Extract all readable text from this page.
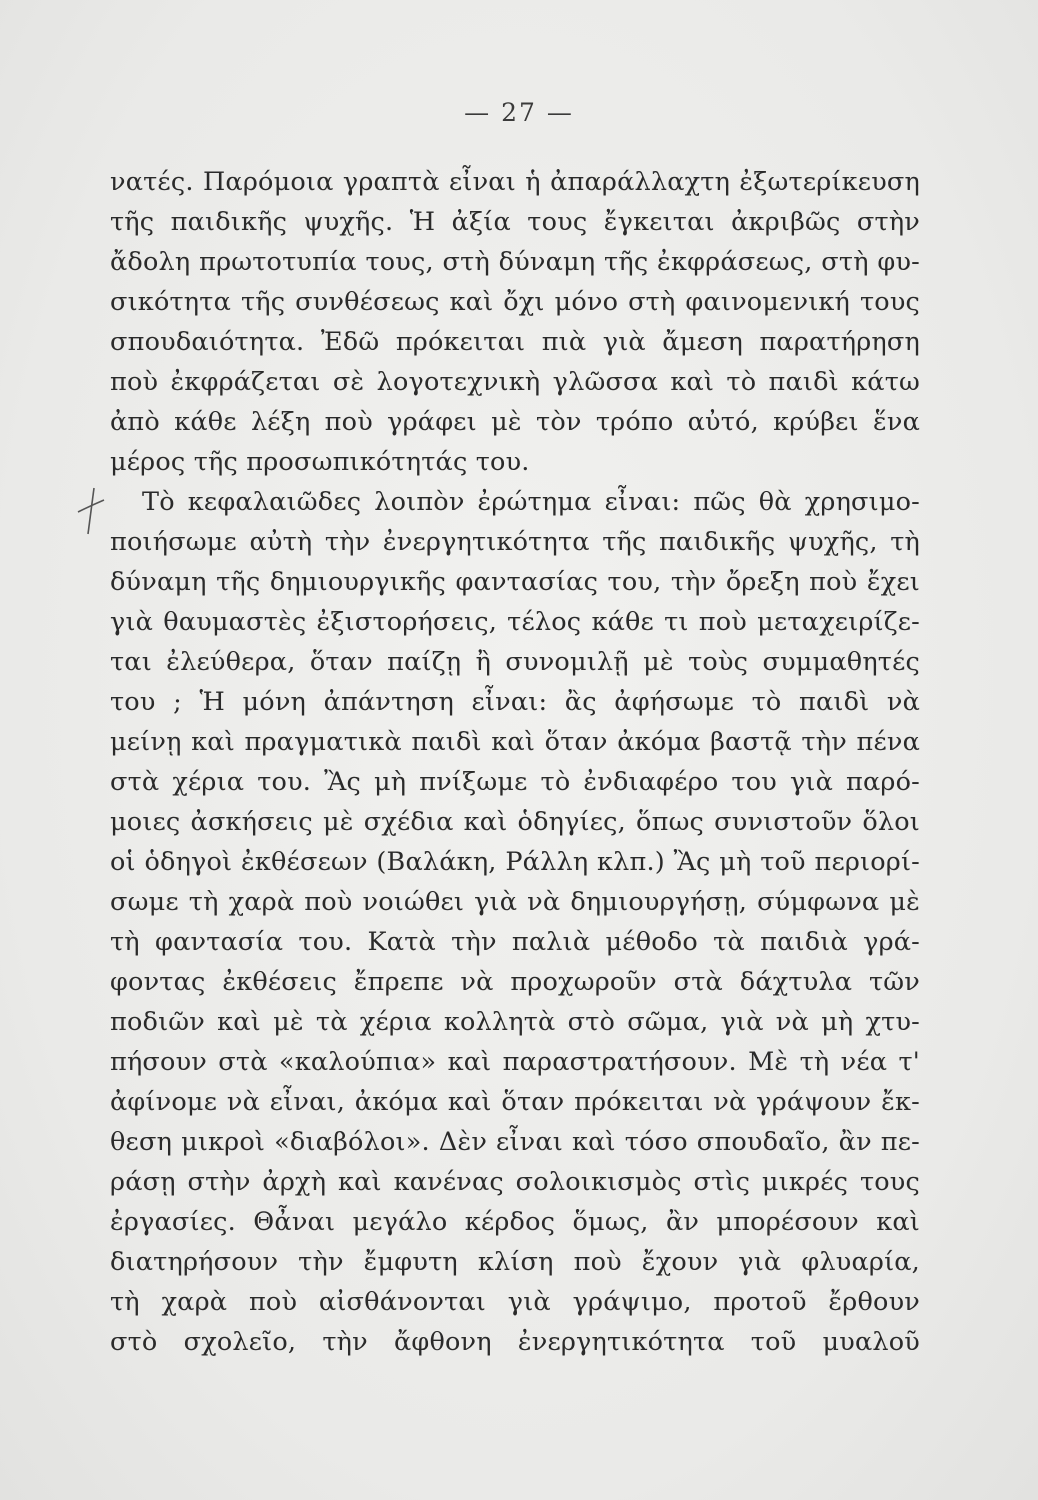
— 27 —
νατές. Παρόμοια γραπτὰ εἶναι ἡ ἀπαράλλαχτη ἐξωτερίκευση
τῆς παιδικῆς ψυχῆς. Ἡ ἀξία τους ἔγκειται ἀκριβῶς στὴν
ἄδολη πρωτοτυπία τους, στὴ δύναμη τῆς ἐκφράσεως, στὴ φυ-
σικότητα τῆς συνθέσεως καὶ ὄχι μόνο στὴ φαινομενική τους
σπουδαιότητα. Ἐδῶ πρόκειται πιὰ γιὰ ἄμεση παρατήρηση
ποὺ ἐκφράζεται σὲ λογοτεχνικὴ γλῶσσα καὶ τὸ παιδὶ κάτω
ἀπὸ κάθε λέξη ποὺ γράφει μὲ τὸν τρόπο αὐτό, κρύβει ἕνα
μέρος τῆς προσωπικότητάς του.
Τὸ κεφαλαιῶδες λοιπὸν ἐρώτημα εἶναι: πῶς θὰ χρησιμο-
ποιήσωμε αὐτὴ τὴν ἐνεργητικότητα τῆς παιδικῆς ψυχῆς, τὴ
δύναμη τῆς δημιουργικῆς φαντασίας του, τὴν ὄρεξη ποὺ ἔχει
γιὰ θαυμαστὲς ἐξιστορήσεις, τέλος κάθε τι ποὺ μεταχειρίζε-
ται ἐλεύθερα, ὅταν παίζῃ ἢ συνομιλῇ μὲ τοὺς συμμαθητές
του ; Ἡ μόνη ἀπάντηση εἶναι: ἂς ἀφήσωμε τὸ παιδὶ νὰ
μείνῃ καὶ πραγματικὰ παιδὶ καὶ ὅταν ἀκόμα βαστᾷ τὴν πένα
στὰ χέρια του. Ἂς μὴ πνίξωμε τὸ ἐνδιαφέρο του γιὰ παρό-
μοιες ἀσκήσεις μὲ σχέδια καὶ ὁδηγίες, ὅπως συνιστοῦν ὅλοι
οἱ ὁδηγοὶ ἐκθέσεων (Βαλάκη, Ράλλη κλπ.) Ἂς μὴ τοῦ περιορί-
σωμε τὴ χαρὰ ποὺ νοιώθει γιὰ νὰ δημιουργήσῃ, σύμφωνα μὲ
τὴ φαντασία του. Κατὰ τὴν παλιὰ μέθοδο τὰ παιδιὰ γρά-
φοντας ἐκθέσεις ἔπρεπε νὰ προχωροῦν στὰ δάχτυλα τῶν
ποδιῶν καὶ μὲ τὰ χέρια κολλητὰ στὸ σῶμα, γιὰ νὰ μὴ χτυ-
πήσουν στὰ «καλούπια» καὶ παραστρατήσουν. Μὲ τὴ νέα τ'
ἀφίνομε νὰ εἶναι, ἀκόμα καὶ ὅταν πρόκειται νὰ γράψουν ἔκ-
θεση μικροὶ «διαβόλοι». Δὲν εἶναι καὶ τόσο σπουδαῖο, ἂν πε-
ράσῃ στὴν ἀρχὴ καὶ κανένας σολοικισμὸς στὶς μικρές τους
ἐργασίες. Θἆναι μεγάλο κέρδος ὅμως, ἂν μπορέσουν καὶ
διατηρήσουν τὴν ἔμφυτη κλίση ποὺ ἔχουν γιὰ φλυαρία,
τὴ χαρὰ ποὺ αἰσθάνονται γιὰ γράψιμο, προτοῦ ἔρθουν
στὸ σχολεῖο, τὴν ἄφθονη ἐνεργητικότητα τοῦ μυαλοῦ
